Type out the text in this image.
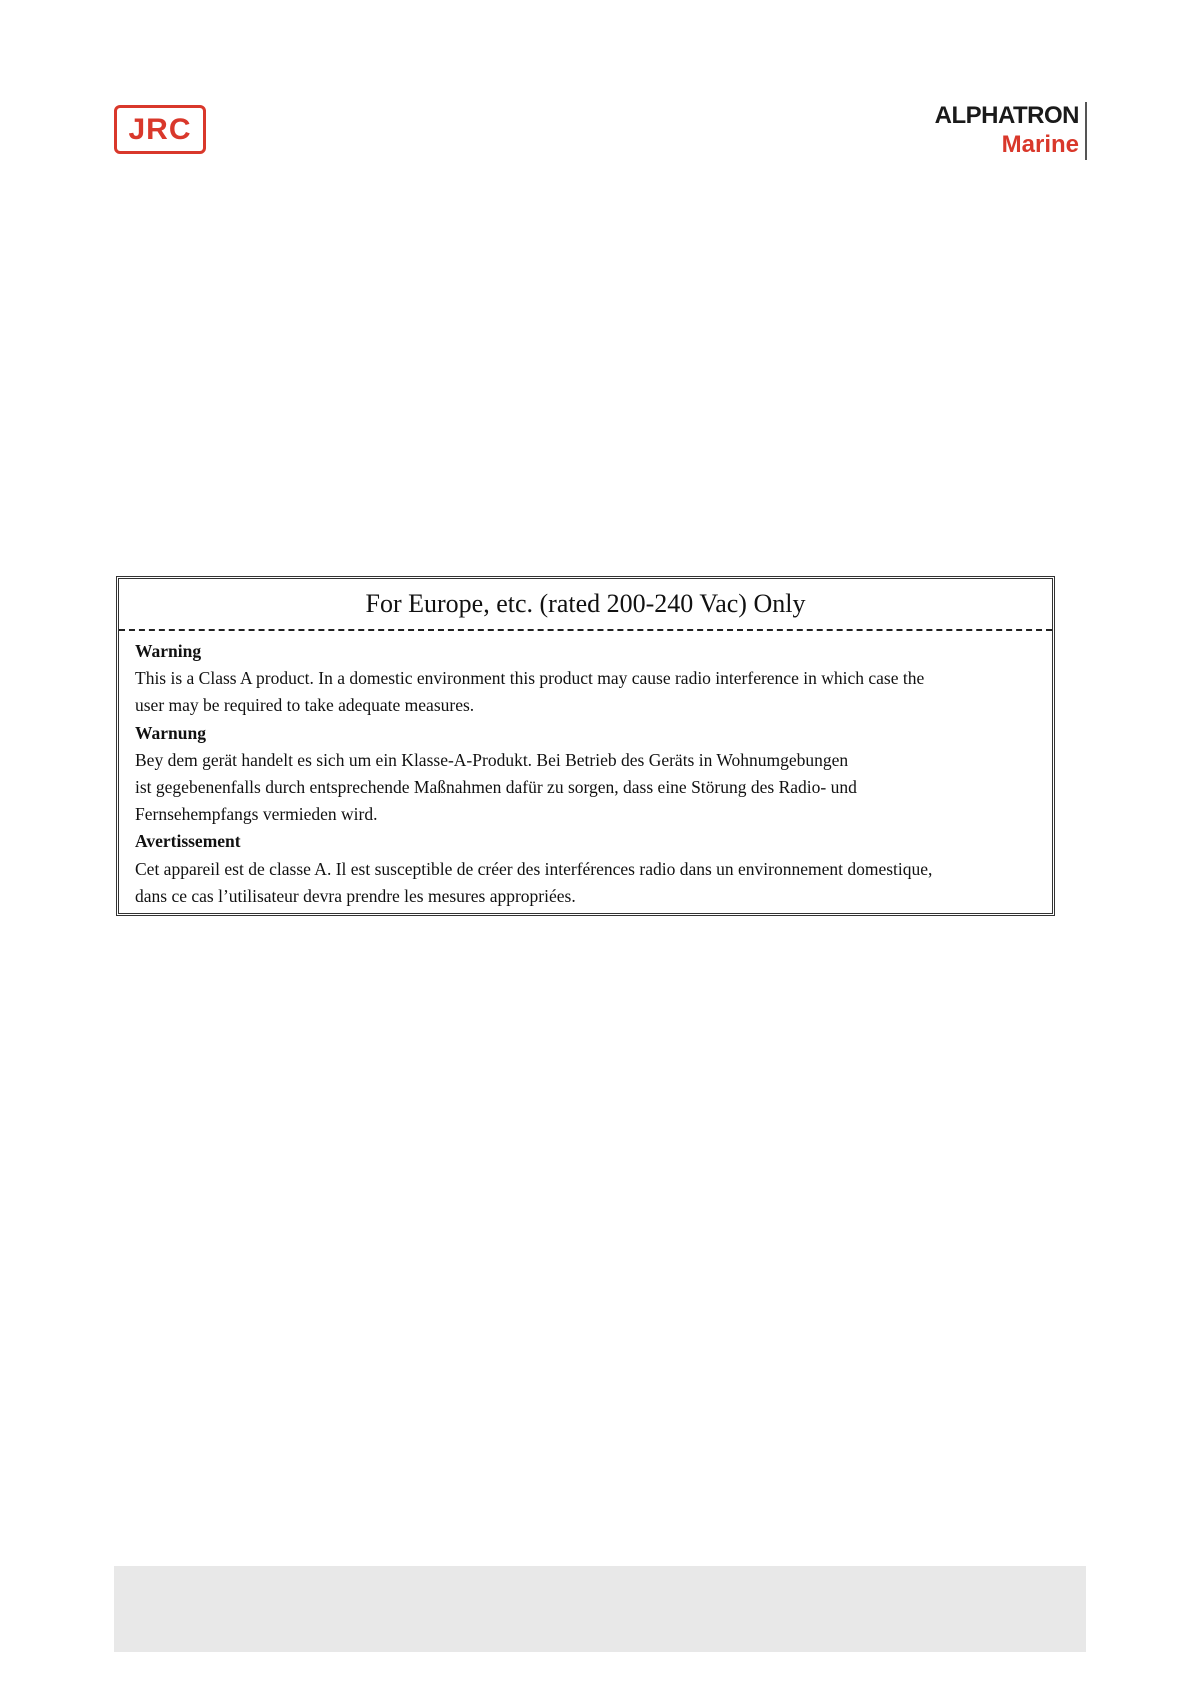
JRC	ALPHATRON
Marine
For Europe, etc. (rated 200-240 Vac) Only
Warning
This is a Class A product. In a domestic environment this product may cause radio interference in which case the
user may be required to take adequate measures.
Warnung
Bey dem gerät handelt es sich um ein Klasse-A-Produkt. Bei Betrieb des Geräts in Wohnumgebungen
ist gegebenenfalls durch entsprechende Maßnahmen dafür zu sorgen, dass eine Störung des Radio- und
Fernsehempfangs vermieden wird.
Avertissement
Cet appareil est de classe A. Il est susceptible de créer des interférences radio dans un environnement domestique,
dans ce cas l’utilisateur devra prendre les mesures appropriées.
